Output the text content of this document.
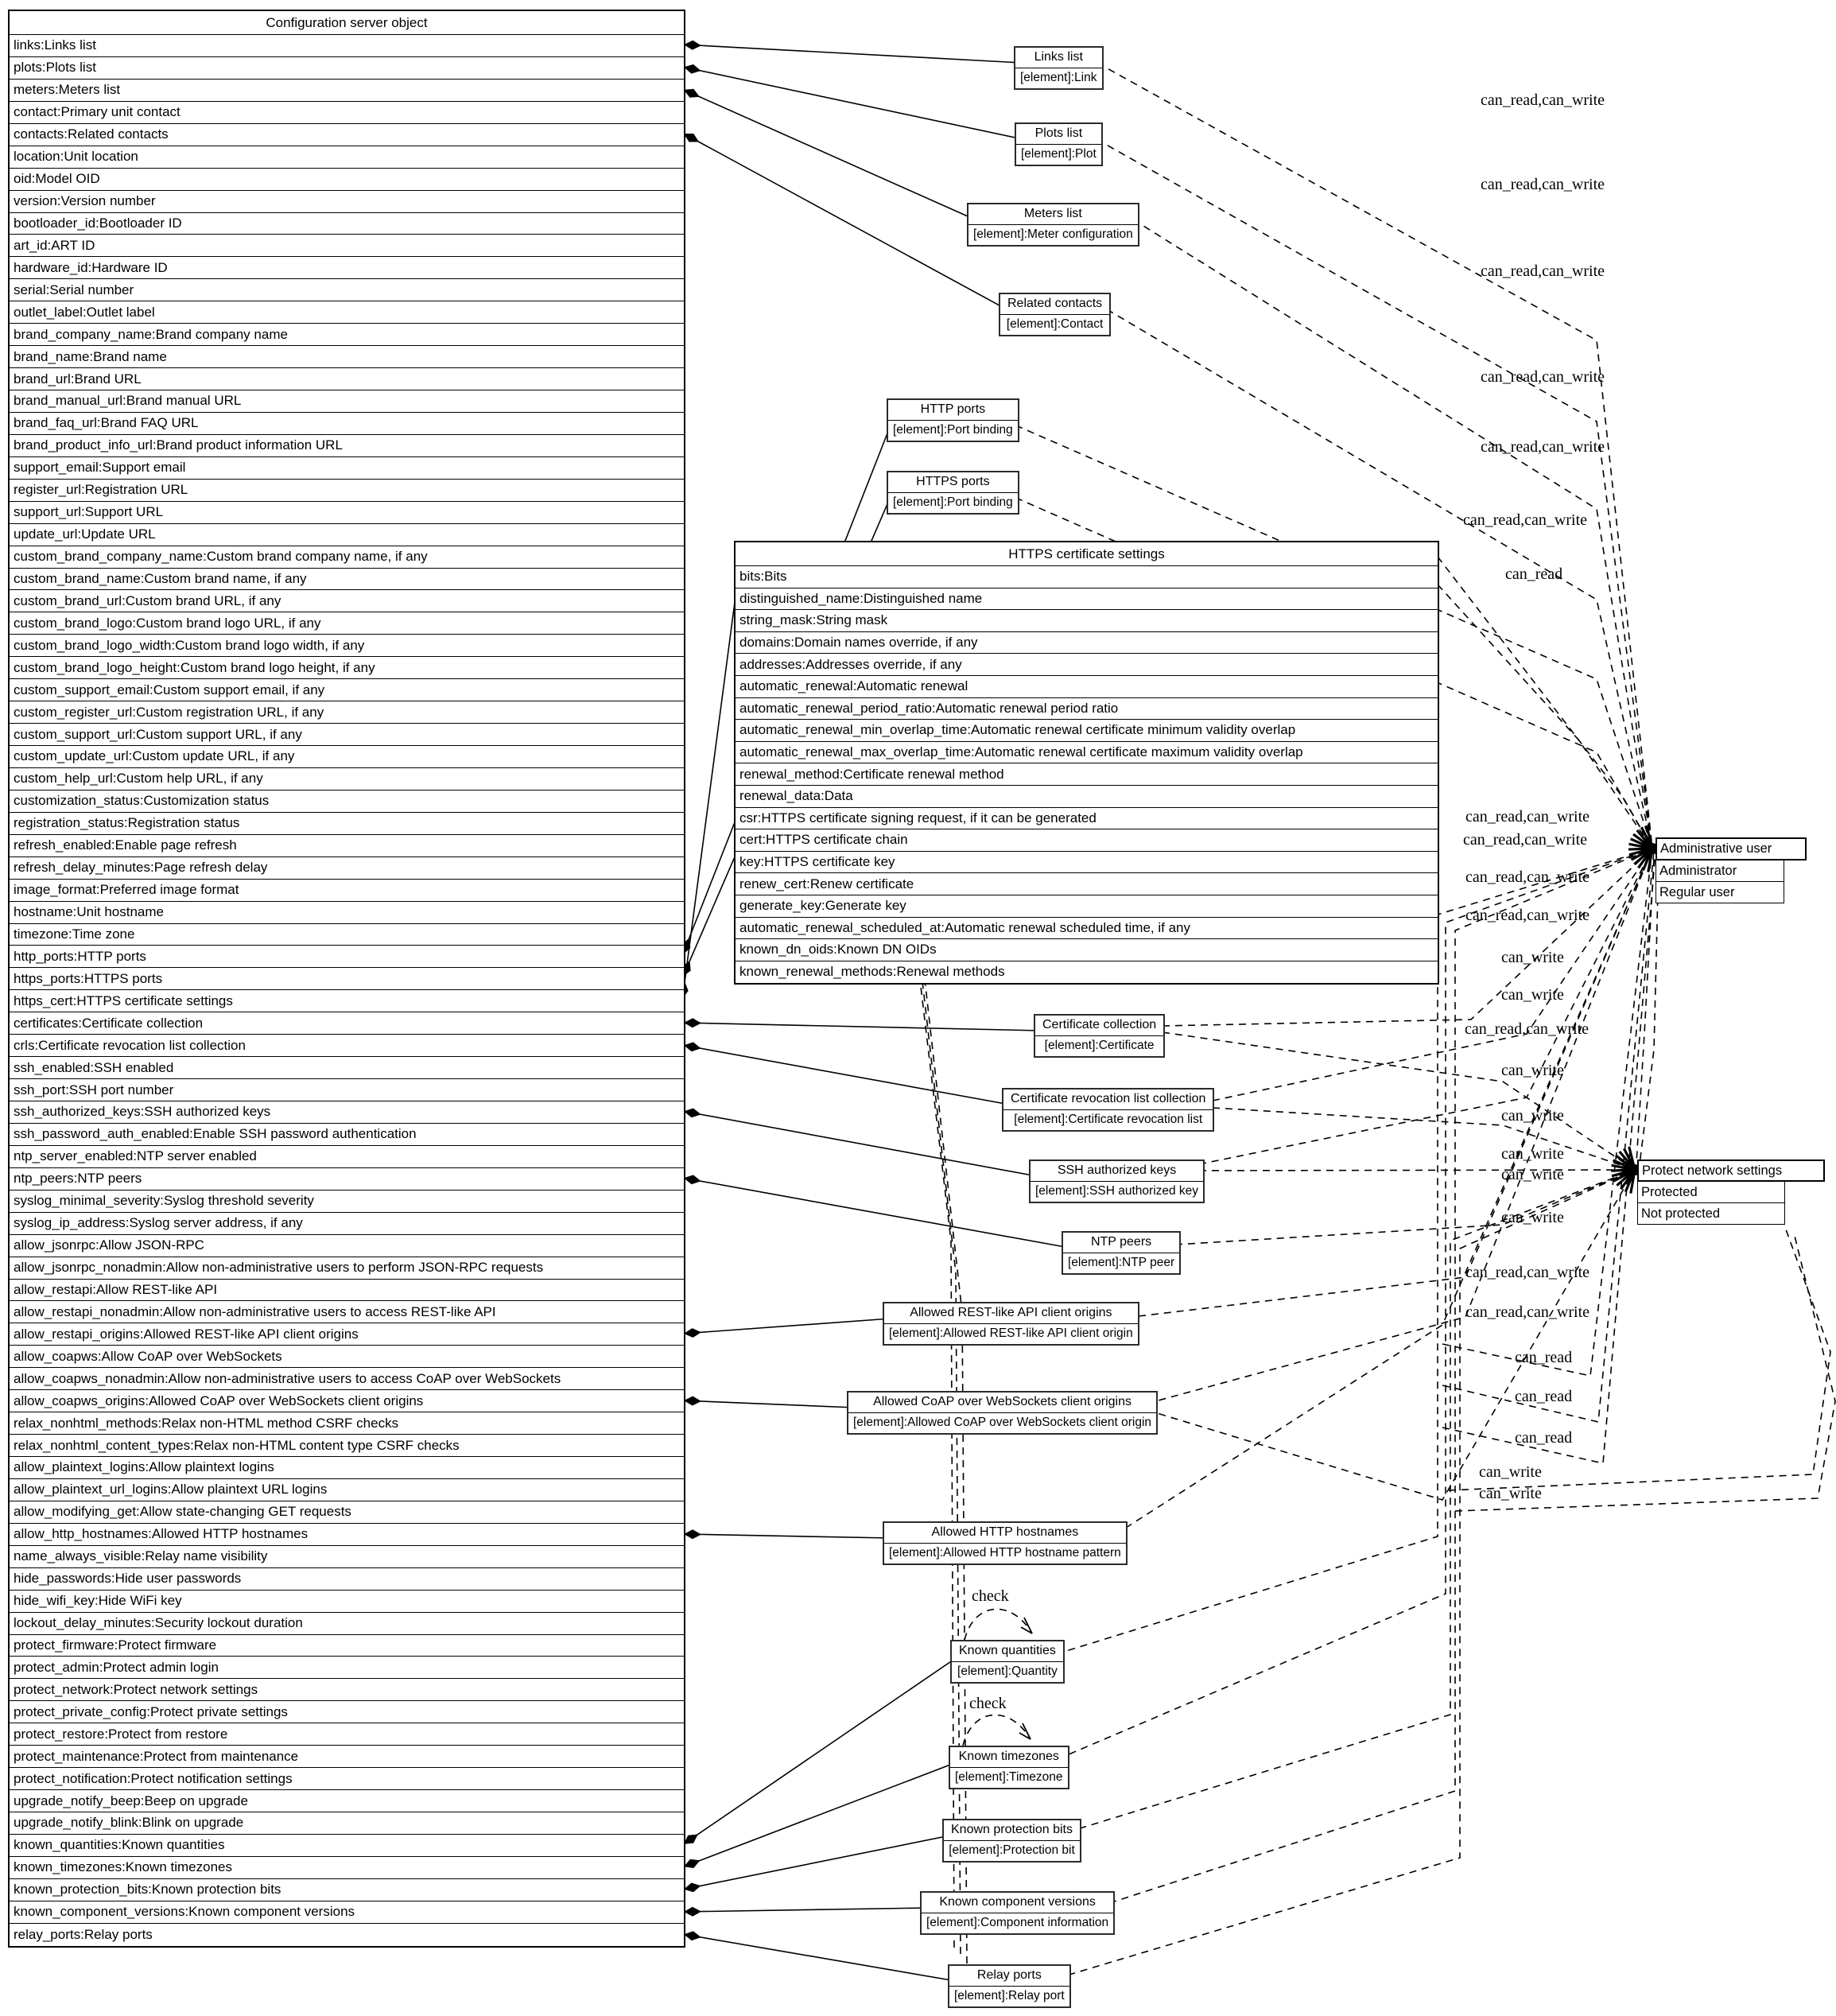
Configuration server object
links:Links list
plots:Plots list
meters:Meters list
contact:Primary unit contact
contacts:Related contacts
location:Unit location
oid:Model OID
version:Version number
bootloader_id:Bootloader ID
art_id:ART ID
hardware_id:Hardware ID
serial:Serial number
outlet_label:Outlet label
brand_company_name:Brand company name
brand_name:Brand name
brand_url:Brand URL
brand_manual_url:Brand manual URL
brand_faq_url:Brand FAQ URL
brand_product_info_url:Brand product information URL
support_email:Support email
register_url:Registration URL
support_url:Support URL
update_url:Update URL
custom_brand_company_name:Custom brand company name, if any
custom_brand_name:Custom brand name, if any
custom_brand_url:Custom brand URL, if any
custom_brand_logo:Custom brand logo URL, if any
custom_brand_logo_width:Custom brand logo width, if any
custom_brand_logo_height:Custom brand logo height, if any
custom_support_email:Custom support email, if any
custom_register_url:Custom registration URL, if any
custom_support_url:Custom support URL, if any
custom_update_url:Custom update URL, if any
custom_help_url:Custom help URL, if any
customization_status:Customization status
registration_status:Registration status
refresh_enabled:Enable page refresh
refresh_delay_minutes:Page refresh delay
image_format:Preferred image format
hostname:Unit hostname
timezone:Time zone
http_ports:HTTP ports
https_ports:HTTPS ports
https_cert:HTTPS certificate settings
certificates:Certificate collection
crls:Certificate revocation list collection
ssh_enabled:SSH enabled
ssh_port:SSH port number
ssh_authorized_keys:SSH authorized keys
ssh_password_auth_enabled:Enable SSH password authentication
ntp_server_enabled:NTP server enabled
ntp_peers:NTP peers
syslog_minimal_severity:Syslog threshold severity
syslog_ip_address:Syslog server address, if any
allow_jsonrpc:Allow JSON-RPC
allow_jsonrpc_nonadmin:Allow non-administrative users to perform JSON-RPC requests
allow_restapi:Allow REST-like API
allow_restapi_nonadmin:Allow non-administrative users to access REST-like API
allow_restapi_origins:Allowed REST-like API client origins
allow_coapws:Allow CoAP over WebSockets
allow_coapws_nonadmin:Allow non-administrative users to access CoAP over WebSockets
allow_coapws_origins:Allowed CoAP over WebSockets client origins
relax_nonhtml_methods:Relax non-HTML method CSRF checks
relax_nonhtml_content_types:Relax non-HTML content type CSRF checks
allow_plaintext_logins:Allow plaintext logins
allow_plaintext_url_logins:Allow plaintext URL logins
allow_modifying_get:Allow state-changing GET requests
allow_http_hostnames:Allowed HTTP hostnames
name_always_visible:Relay name visibility
hide_passwords:Hide user passwords
hide_wifi_key:Hide WiFi key
lockout_delay_minutes:Security lockout duration
protect_firmware:Protect firmware
protect_admin:Protect admin login
protect_network:Protect network settings
protect_private_config:Protect private settings
protect_restore:Protect from restore
protect_maintenance:Protect from maintenance
protect_notification:Protect notification settings
upgrade_notify_beep:Beep on upgrade
upgrade_notify_blink:Blink on upgrade
known_quantities:Known quantities
known_timezones:Known timezones
known_protection_bits:Known protection bits
known_component_versions:Known component versions
relay_ports:Relay ports
HTTPS certificate settings
bits:Bits
distinguished_name:Distinguished name
string_mask:String mask
domains:Domain names override, if any
addresses:Addresses override, if any
automatic_renewal:Automatic renewal
automatic_renewal_period_ratio:Automatic renewal period ratio
automatic_renewal_min_overlap_time:Automatic renewal certificate minimum validity overlap
automatic_renewal_max_overlap_time:Automatic renewal certificate maximum validity overlap
renewal_method:Certificate renewal method
renewal_data:Data
csr:HTTPS certificate signing request, if it can be generated
cert:HTTPS certificate chain
key:HTTPS certificate key
renew_cert:Renew certificate
generate_key:Generate key
automatic_renewal_scheduled_at:Automatic renewal scheduled time, if any
known_dn_oids:Known DN OIDs
known_renewal_methods:Renewal methods
Links list
[element]:Link
Plots list
[element]:Plot
Meters list
[element]:Meter configuration
Related contacts
[element]:Contact
HTTP ports
[element]:Port binding
HTTPS ports
[element]:Port binding
Certificate collection
[element]:Certificate
Certificate revocation list collection
[element]:Certificate revocation list
SSH authorized keys
[element]:SSH authorized key
NTP peers
[element]:NTP peer
Allowed REST-like API client origins
[element]:Allowed REST-like API client origin
Allowed CoAP over WebSockets client origins
[element]:Allowed CoAP over WebSockets client origin
Allowed HTTP hostnames
[element]:Allowed HTTP hostname pattern
Known quantities
[element]:Quantity
Known timezones
[element]:Timezone
Known protection bits
[element]:Protection bit
Known component versions
[element]:Component information
Relay ports
[element]:Relay port
Administrative user
Administrator
Regular user
Protect network settings
Protected
Not protected
can_read,can_write
can_read,can_write
can_read,can_write
can_read,can_write
can_read,can_write
can_read,can_write
can_read
can_read,can_write
can_read,can_write
can_read,can_write
can_read,can_write
can_write
can_write
can_read,can_write
can_write
can_write
can_write
can_write
can_write
can_read,can_write
can_read,can_write
can_read
can_read
can_read
can_write
can_write
check
check
